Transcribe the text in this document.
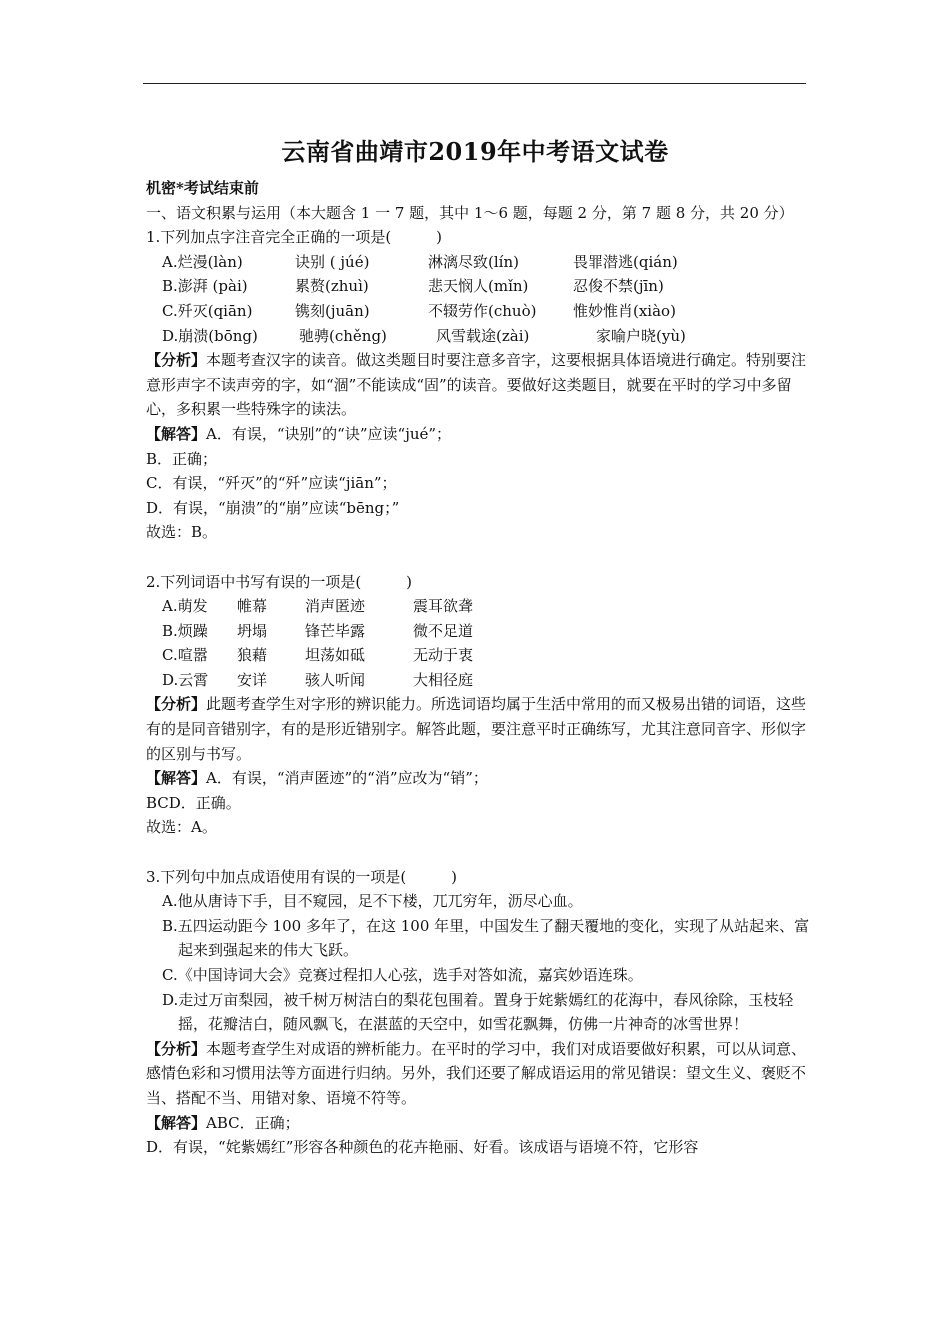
云南省曲靖市2019年中考语文试卷
机密*考试结束前
一、语文积累与运用（本大题含 1 一 7 题，其中 1～6 题，每题 2 分，第 7 题 8 分，共 20 分）
1.下列加点字注音完全正确的一项是(　　　)
A.烂漫(làn)	诀别 ( júé)	淋漓尽致(lín)	畏罪潜逃(qián)
B.澎湃 (pài)	累赘(zhuì)	悲天悯人(mǐn)	忍俊不禁(jīn)
C.歼灭(qiān)	镌刻(juān)	不辍劳作(chuò)	惟妙惟肖(xiào)
D.崩溃(bōng)	驰骋(chěng)	风雪载途(zài)	家喻户晓(yù)
【分析】本题考查汉字的读音。做这类题目时要注意多音字，这要根据具体语境进行确定。特别要注意形声字不读声旁的字，如“涸”不能读成“固”的读音。要做好这类题目，就要在平时的学习中多留心，多积累一些特殊字的读法。
【解答】A．有误，“诀别”的“诀”应读“jué”；
B．正确；
C．有误，“歼灭”的“歼”应读“jiān”；
D．有误，“崩溃”的“崩”应读“bēng；”
故选：B。
2.下列词语中书写有误的一项是(　　　)
A.萌发	帷幕	消声匿迹	震耳欲聋
B.烦躁	坍塌	锋芒毕露	微不足道
C.喧嚣	狼藉	坦荡如砥	无动于衷
D.云霄	安详	骇人听闻	大相径庭
【分析】此题考查学生对字形的辨识能力。所选词语均属于生活中常用的而又极易出错的词语，这些有的是同音错别字，有的是形近错别字。解答此题，要注意平时正确练写，尤其注意同音字、形似字的区别与书写。
【解答】A．有误，“消声匿迹”的“消”应改为“销”；
BCD．正确。
故选：A。
3.下列句中加点成语使用有误的一项是(　　　)
A.他从唐诗下手，目不窥园，足不下楼，兀兀穷年，沥尽心血。
B.五四运动距今 100 多年了，在这 100 年里，中国发生了翻天覆地的变化，实现了从站起来、富起来到强起来的伟大飞跃。
C.《中国诗词大会》竞赛过程扣人心弦，选手对答如流，嘉宾妙语连珠。
D.走过万亩梨园，被千树万树洁白的梨花包围着。置身于姹紫嫣红的花海中，春风徐除，玉枝轻摇，花瓣洁白，随风飘飞，在湛蓝的天空中，如雪花飘舞，仿佛一片神奇的冰雪世界！
【分析】本题考查学生对成语的辨析能力。在平时的学习中，我们对成语要做好积累，可以从词意、感情色彩和习惯用法等方面进行归纳。另外，我们还要了解成语运用的常见错误：望文生义、褒贬不当、搭配不当、用错对象、语境不符等。
【解答】ABC．正确；
D．有误，“姹紫嫣红”形容各种颜色的花卉艳丽、好看。该成语与语境不符，它形容
